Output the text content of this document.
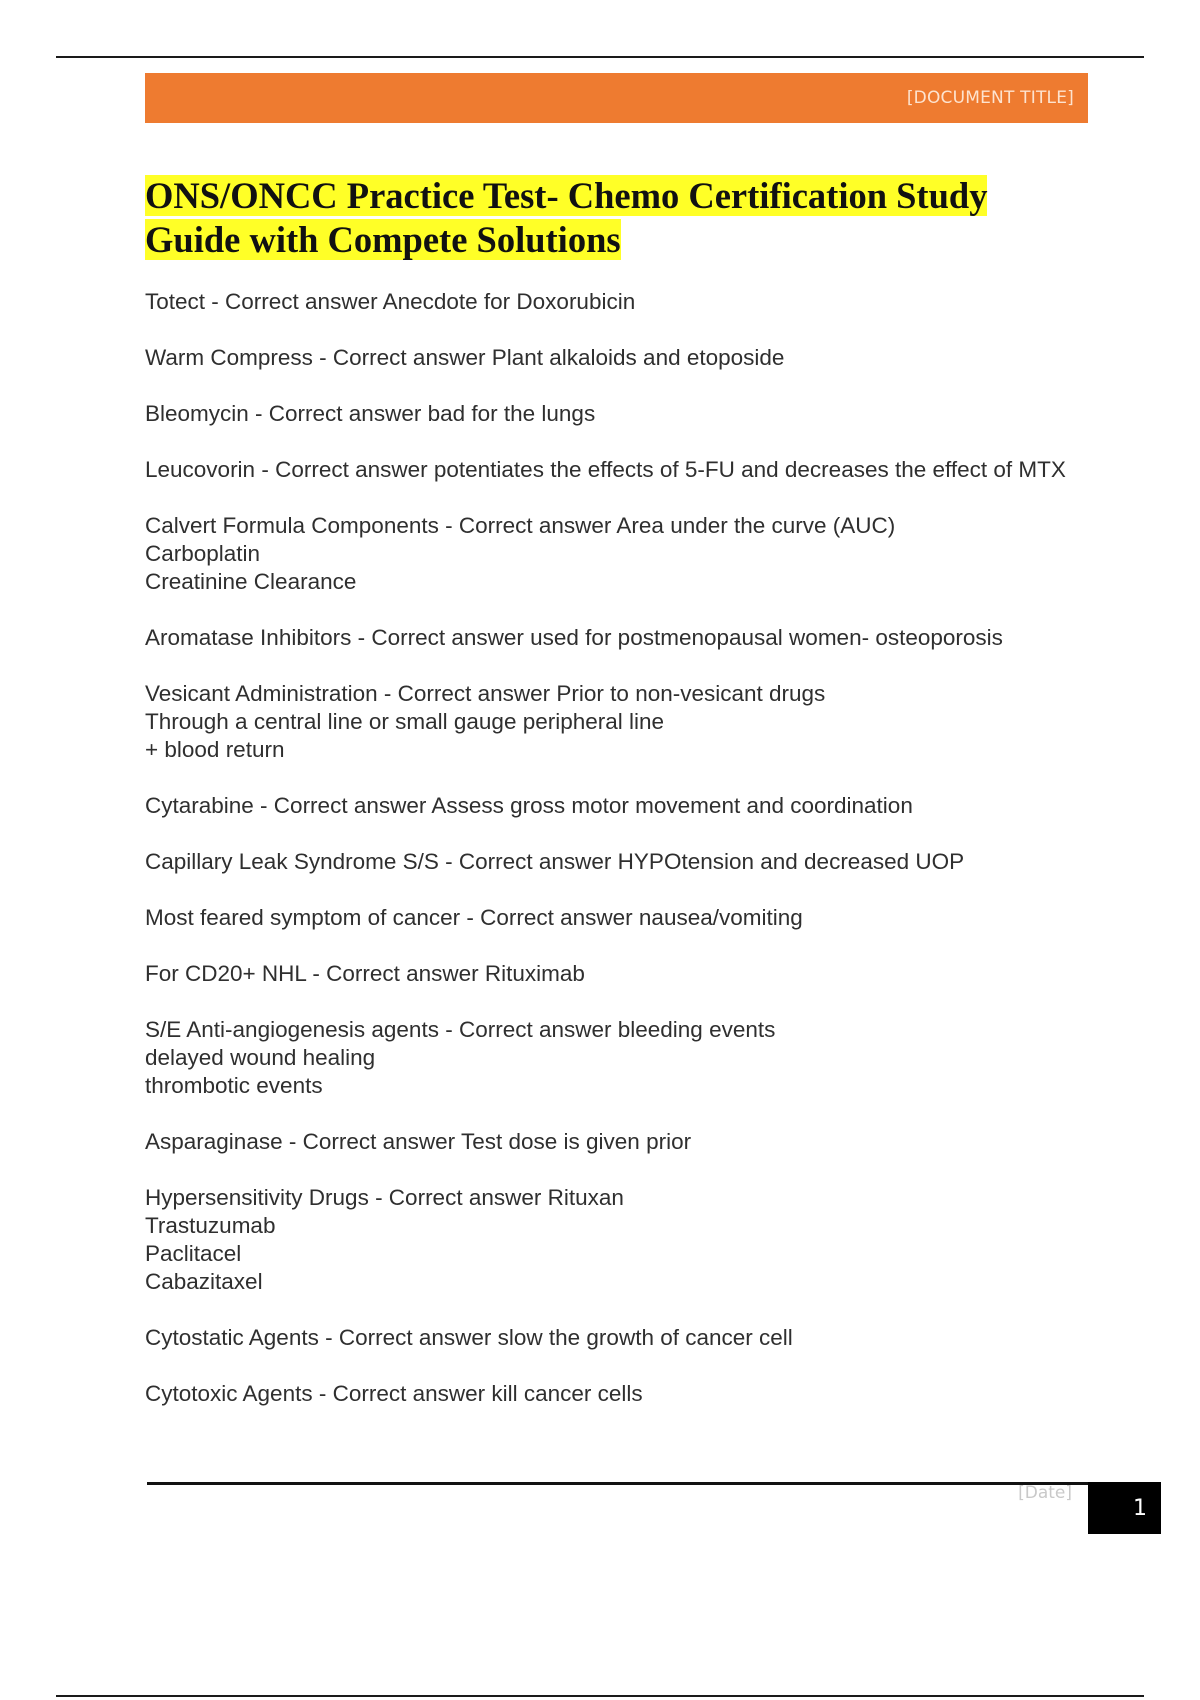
[DOCUMENT TITLE]
ONS/ONCC Practice Test- Chemo Certification Study
Guide with Compete Solutions

Totect - Correct answer Anecdote for Doxorubicin

Warm Compress - Correct answer Plant alkaloids and etoposide

Bleomycin - Correct answer bad for the lungs

Leucovorin - Correct answer potentiates the effects of 5-FU and decreases the effect of MTX

Calvert Formula Components - Correct answer Area under the curve (AUC)
Carboplatin
Creatinine Clearance

Aromatase Inhibitors - Correct answer used for postmenopausal women- osteoporosis

Vesicant Administration - Correct answer Prior to non-vesicant drugs
Through a central line or small gauge peripheral line
+ blood return

Cytarabine - Correct answer Assess gross motor movement and coordination

Capillary Leak Syndrome S/S - Correct answer HYPOtension and decreased UOP

Most feared symptom of cancer - Correct answer nausea/vomiting

For CD20+ NHL - Correct answer Rituximab

S/E Anti-angiogenesis agents - Correct answer bleeding events
delayed wound healing
thrombotic events

Asparaginase - Correct answer Test dose is given prior

Hypersensitivity Drugs - Correct answer Rituxan
Trastuzumab
Paclitacel
Cabazitaxel

Cytostatic Agents - Correct answer slow the growth of cancer cell

Cytotoxic Agents - Correct answer kill cancer cells

[Date]
1
